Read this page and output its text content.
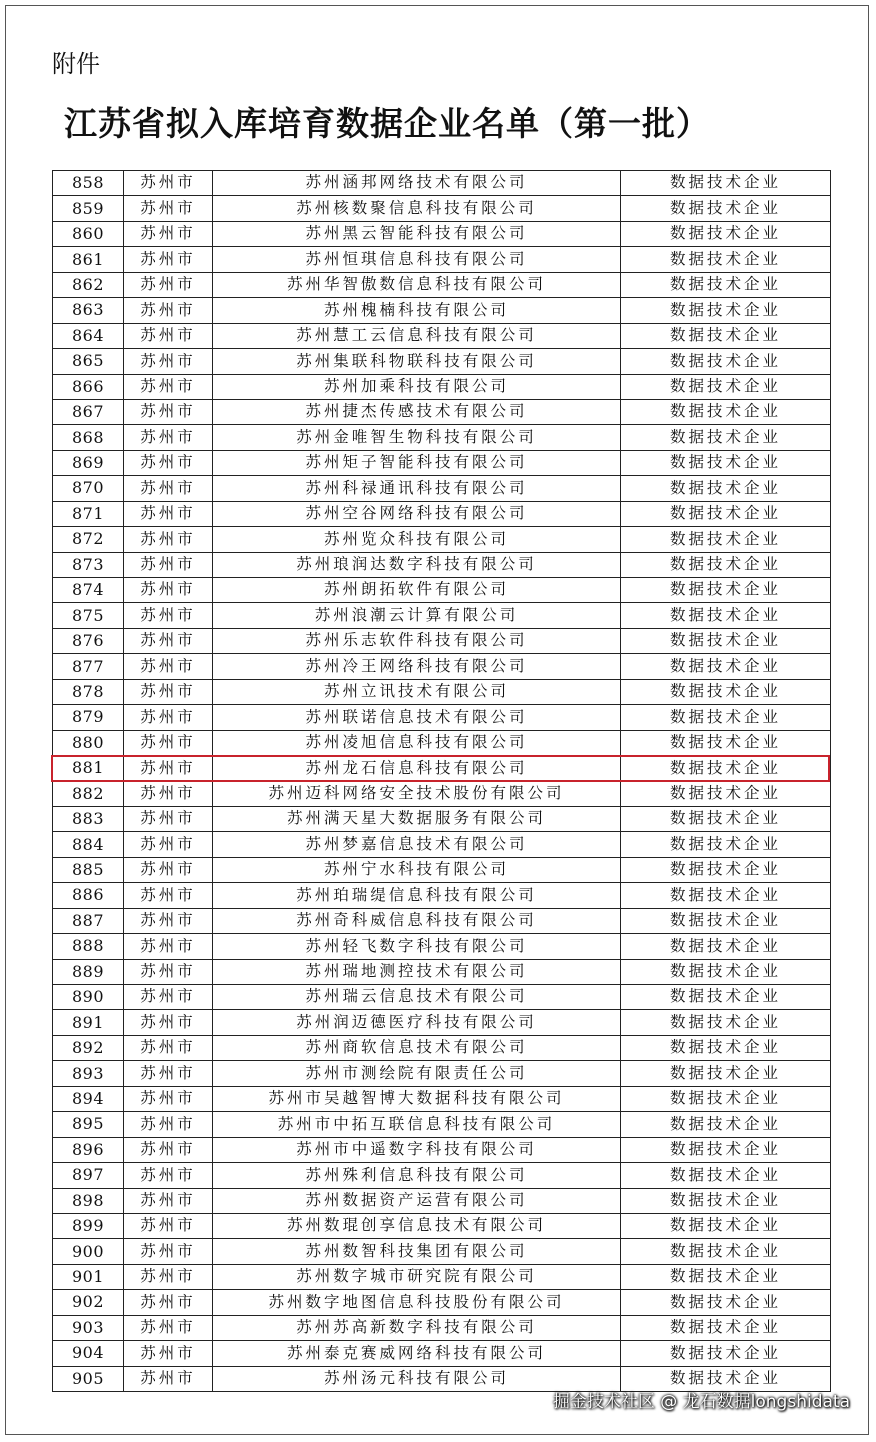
附件
江苏省拟入库培育数据企业名单（第一批）
858	苏州市	苏州涵邦网络技术有限公司	数据技术企业
859	苏州市	苏州核数聚信息科技有限公司	数据技术企业
860	苏州市	苏州黑云智能科技有限公司	数据技术企业
861	苏州市	苏州恒琪信息科技有限公司	数据技术企业
862	苏州市	苏州华智傲数信息科技有限公司	数据技术企业
863	苏州市	苏州槐楠科技有限公司	数据技术企业
864	苏州市	苏州慧工云信息科技有限公司	数据技术企业
865	苏州市	苏州集联科物联科技有限公司	数据技术企业
866	苏州市	苏州加乘科技有限公司	数据技术企业
867	苏州市	苏州捷杰传感技术有限公司	数据技术企业
868	苏州市	苏州金唯智生物科技有限公司	数据技术企业
869	苏州市	苏州矩子智能科技有限公司	数据技术企业
870	苏州市	苏州科禄通讯科技有限公司	数据技术企业
871	苏州市	苏州空谷网络科技有限公司	数据技术企业
872	苏州市	苏州览众科技有限公司	数据技术企业
873	苏州市	苏州琅润达数字科技有限公司	数据技术企业
874	苏州市	苏州朗拓软件有限公司	数据技术企业
875	苏州市	苏州浪潮云计算有限公司	数据技术企业
876	苏州市	苏州乐志软件科技有限公司	数据技术企业
877	苏州市	苏州冷王网络科技有限公司	数据技术企业
878	苏州市	苏州立讯技术有限公司	数据技术企业
879	苏州市	苏州联诺信息技术有限公司	数据技术企业
880	苏州市	苏州凌旭信息科技有限公司	数据技术企业
881	苏州市	苏州龙石信息科技有限公司	数据技术企业
882	苏州市	苏州迈科网络安全技术股份有限公司	数据技术企业
883	苏州市	苏州满天星大数据服务有限公司	数据技术企业
884	苏州市	苏州梦嘉信息技术有限公司	数据技术企业
885	苏州市	苏州宁水科技有限公司	数据技术企业
886	苏州市	苏州珀瑞缇信息科技有限公司	数据技术企业
887	苏州市	苏州奇科威信息科技有限公司	数据技术企业
888	苏州市	苏州轻飞数字科技有限公司	数据技术企业
889	苏州市	苏州瑞地测控技术有限公司	数据技术企业
890	苏州市	苏州瑞云信息技术有限公司	数据技术企业
891	苏州市	苏州润迈德医疗科技有限公司	数据技术企业
892	苏州市	苏州商软信息技术有限公司	数据技术企业
893	苏州市	苏州市测绘院有限责任公司	数据技术企业
894	苏州市	苏州市吴越智博大数据科技有限公司	数据技术企业
895	苏州市	苏州市中拓互联信息科技有限公司	数据技术企业
896	苏州市	苏州市中遥数字科技有限公司	数据技术企业
897	苏州市	苏州殊利信息科技有限公司	数据技术企业
898	苏州市	苏州数据资产运营有限公司	数据技术企业
899	苏州市	苏州数琨创享信息技术有限公司	数据技术企业
900	苏州市	苏州数智科技集团有限公司	数据技术企业
901	苏州市	苏州数字城市研究院有限公司	数据技术企业
902	苏州市	苏州数字地图信息科技股份有限公司	数据技术企业
903	苏州市	苏州苏高新数字科技有限公司	数据技术企业
904	苏州市	苏州泰克赛威网络科技有限公司	数据技术企业
905	苏州市	苏州汤元科技有限公司	数据技术企业
掘金技术社区 @ 龙石数据longshidata
